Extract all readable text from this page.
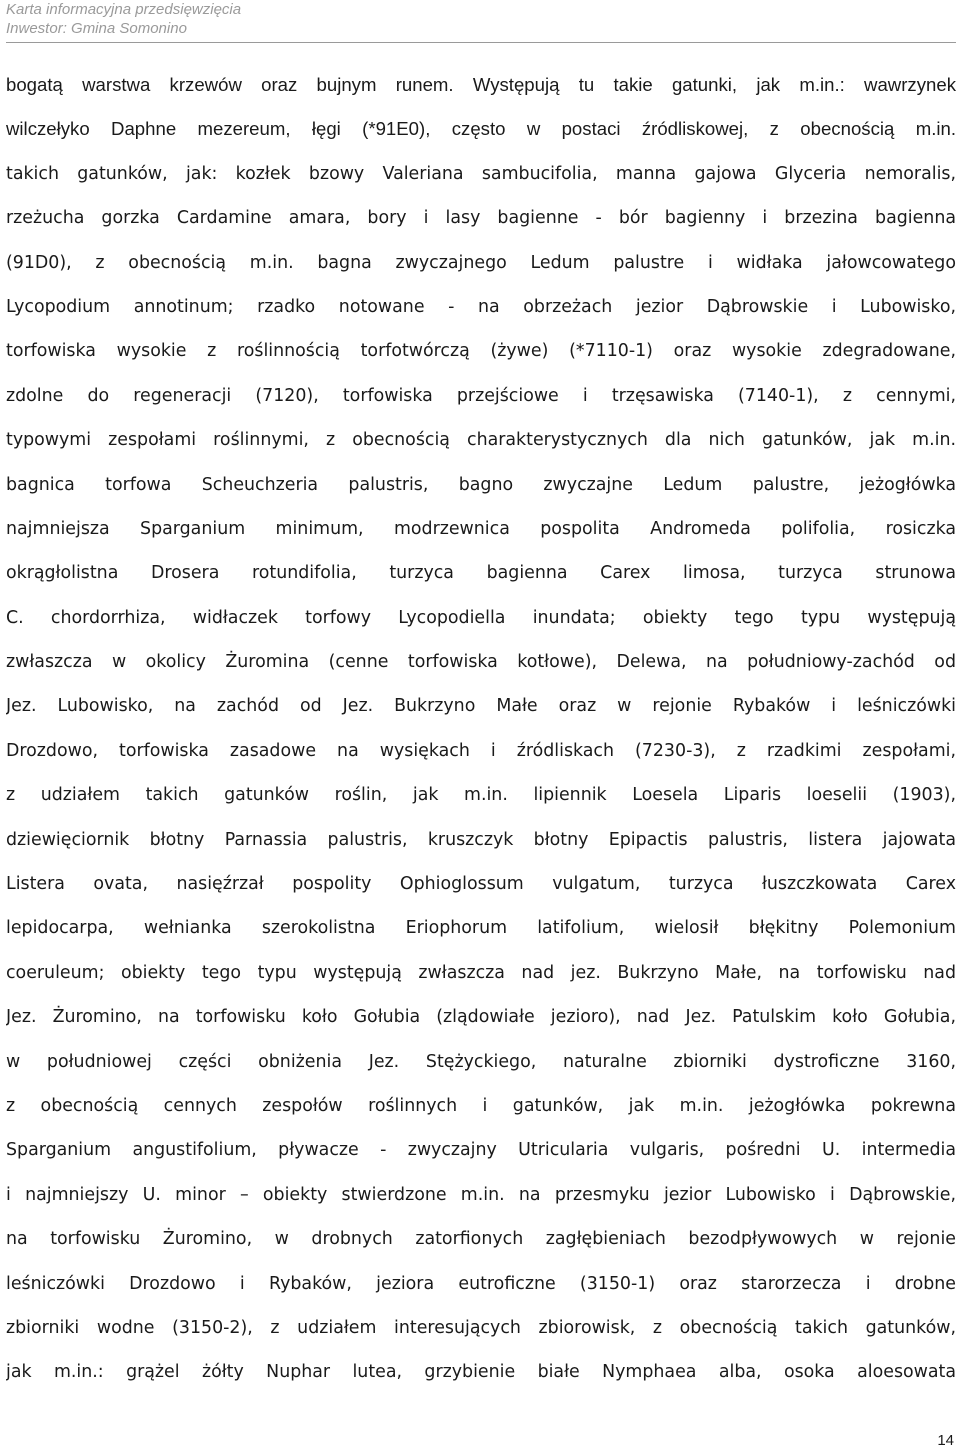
Karta informacyjna przedsięwzięcia
Inwestor: Gmina Somonino
bogatą warstwa krzewów oraz bujnym runem. Występują tu takie gatunki, jak m.in.: wawrzynek
wilczełyko Daphne mezereum, łęgi (*91E0), często w postaci źródliskowej, z obecnością m.in.
takich gatunków, jak: kozłek bzowy Valeriana sambucifolia, manna gajowa Glyceria nemoralis,
rzeżucha gorzka Cardamine amara, bory i lasy bagienne - bór bagienny i brzezina bagienna
(91D0), z obecnością m.in. bagna zwyczajnego Ledum palustre i widłaka jałowcowatego
Lycopodium annotinum; rzadko notowane - na obrzeżach jezior Dąbrowskie i Lubowisko,
torfowiska wysokie z roślinnością torfotwórczą (żywe) (*7110-1) oraz wysokie zdegradowane,
zdolne do regeneracji (7120), torfowiska przejściowe i trzęsawiska (7140-1), z cennymi,
typowymi zespołami roślinnymi, z obecnością charakterystycznych dla nich gatunków, jak m.in.
bagnica torfowa Scheuchzeria palustris, bagno zwyczajne Ledum palustre, jeżogłówka
najmniejsza Sparganium minimum, modrzewnica pospolita Andromeda polifolia, rosiczka
okrągłolistna Drosera rotundifolia, turzyca bagienna Carex limosa, turzyca strunowa
C. chordorrhiza, widłaczek torfowy Lycopodiella inundata; obiekty tego typu występują
zwłaszcza w okolicy Żuromina (cenne torfowiska kotłowe), Delewa, na południowy-zachód od
Jez. Lubowisko, na zachód od Jez. Bukrzyno Małe oraz w rejonie Rybaków i leśniczówki
Drozdowo, torfowiska zasadowe na wysiękach i źródliskach (7230-3), z rzadkimi zespołami,
z udziałem takich gatunków roślin, jak m.in. lipiennik Loesela Liparis loeselii (1903),
dziewięciornik błotny Parnassia palustris, kruszczyk błotny Epipactis palustris, listera jajowata
Listera ovata, nasięźrzał pospolity Ophioglossum vulgatum, turzyca łuszczkowata Carex
lepidocarpa, wełnianka szerokolistna Eriophorum latifolium, wielosił błękitny Polemonium
coeruleum; obiekty tego typu występują zwłaszcza nad jez. Bukrzyno Małe, na torfowisku nad
Jez. Żuromino, na torfowisku koło Gołubia (zlądowiałe jezioro), nad Jez. Patulskim koło Gołubia,
w południowej części obniżenia Jez. Stężyckiego, naturalne zbiorniki dystroficzne 3160,
z obecnością cennych zespołów roślinnych i gatunków, jak m.in. jeżogłówka pokrewna
Sparganium angustifolium, pływacze - zwyczajny Utricularia vulgaris, pośredni U. intermedia
i najmniejszy U. minor – obiekty stwierdzone m.in. na przesmyku jezior Lubowisko i Dąbrowskie,
na torfowisku Żuromino, w drobnych zatorfionych zagłębieniach bezodpływowych w rejonie
leśniczówki Drozdowo i Rybaków, jeziora eutroficzne (3150-1) oraz starorzecza i drobne
zbiorniki wodne (3150-2), z udziałem interesujących zbiorowisk, z obecnością takich gatunków,
jak m.in.: grążel żółty Nuphar lutea, grzybienie białe Nymphaea alba, osoka aloesowata
14
